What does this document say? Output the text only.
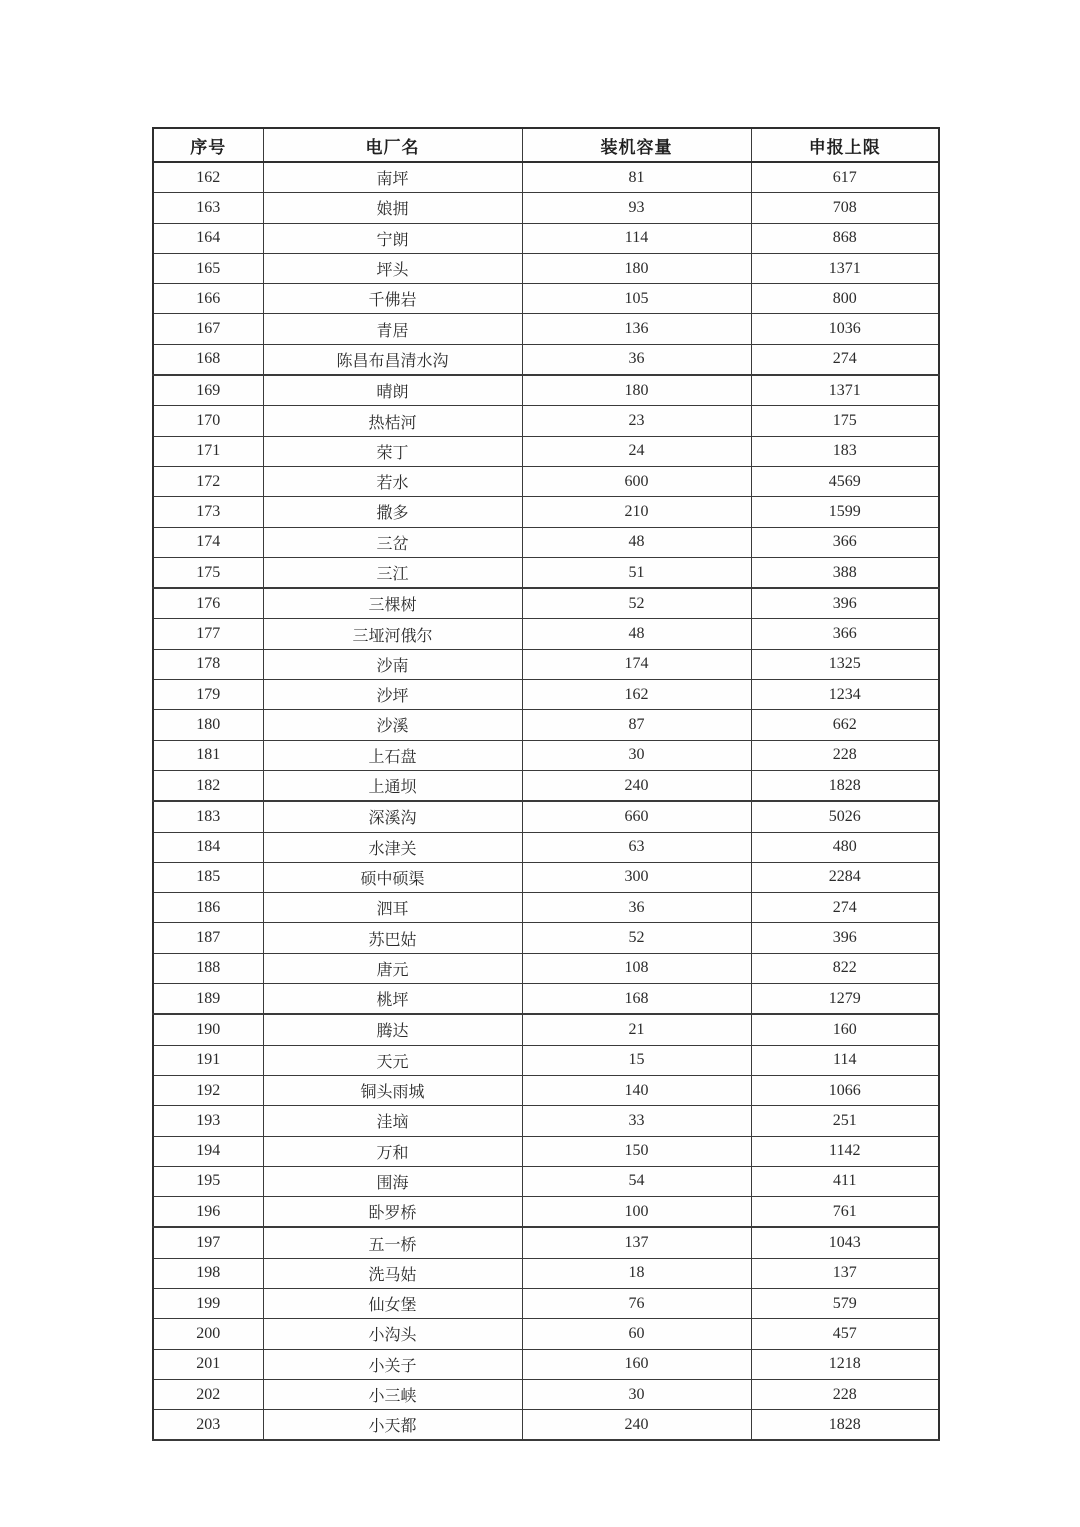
序号	电厂名	装机容量	申报上限
162	南坪	81	617
163	娘拥	93	708
164	宁朗	114	868
165	坪头	180	1371
166	千佛岩	105	800
167	青居	136	1036
168	陈昌布昌清水沟	36	274
169	晴朗	180	1371
170	热桔河	23	175
171	荣丁	24	183
172	若水	600	4569
173	撒多	210	1599
174	三岔	48	366
175	三江	51	388
176	三棵树	52	396
177	三垭河俄尔	48	366
178	沙南	174	1325
179	沙坪	162	1234
180	沙溪	87	662
181	上石盘	30	228
182	上通坝	240	1828
183	深溪沟	660	5026
184	水津关	63	480
185	硕中硕渠	300	2284
186	泗耳	36	274
187	苏巴姑	52	396
188	唐元	108	822
189	桃坪	168	1279
190	腾达	21	160
191	天元	15	114
192	铜头雨城	140	1066
193	洼垴	33	251
194	万和	150	1142
195	围海	54	411
196	卧罗桥	100	761
197	五一桥	137	1043
198	洗马姑	18	137
199	仙女堡	76	579
200	小沟头	60	457
201	小关子	160	1218
202	小三峡	30	228
203	小天都	240	1828
